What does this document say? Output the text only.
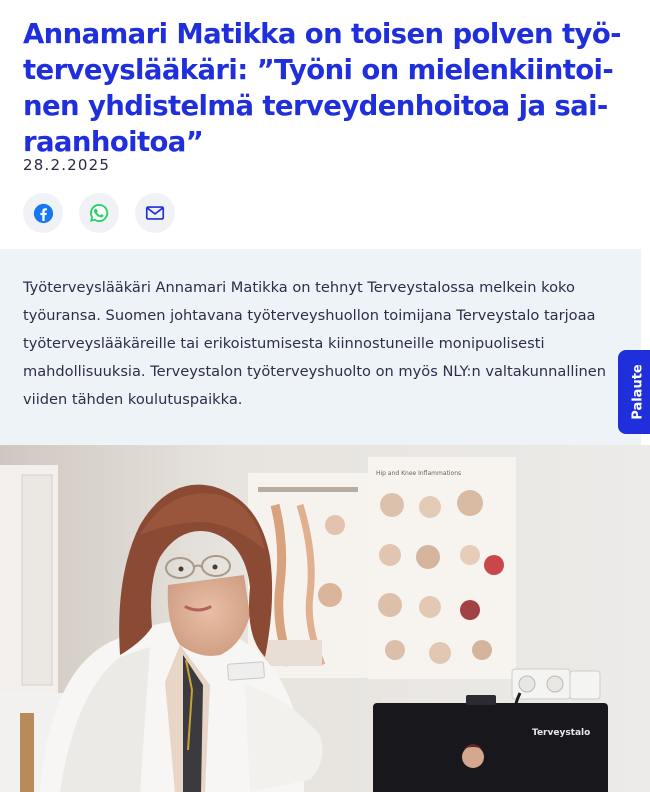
Annamari Matikka on toisen polven työ-
terveyslääkäri: ”Työni on mielenkiintoi-
nen yhdistelmä terveydenhoitoa ja sai-
raanhoitoa”
28.2.2025

Työterveyslääkäri Annamari Matikka on tehnyt Terveystalossa melkein koko
työuransa. Suomen johtavana työterveyshuollon toimijana Terveystalo tarjoaa
työterveyslääkäreille tai erikoistumisesta kiinnostuneille monipuolisesti
mahdollisuuksia. Terveystalon työterveyshuolto on myös NLY:n valtakunnallinen
viiden tähden koulutuspaikka.	Palaute
Hip and Knee Inflammations
Terveystalo
